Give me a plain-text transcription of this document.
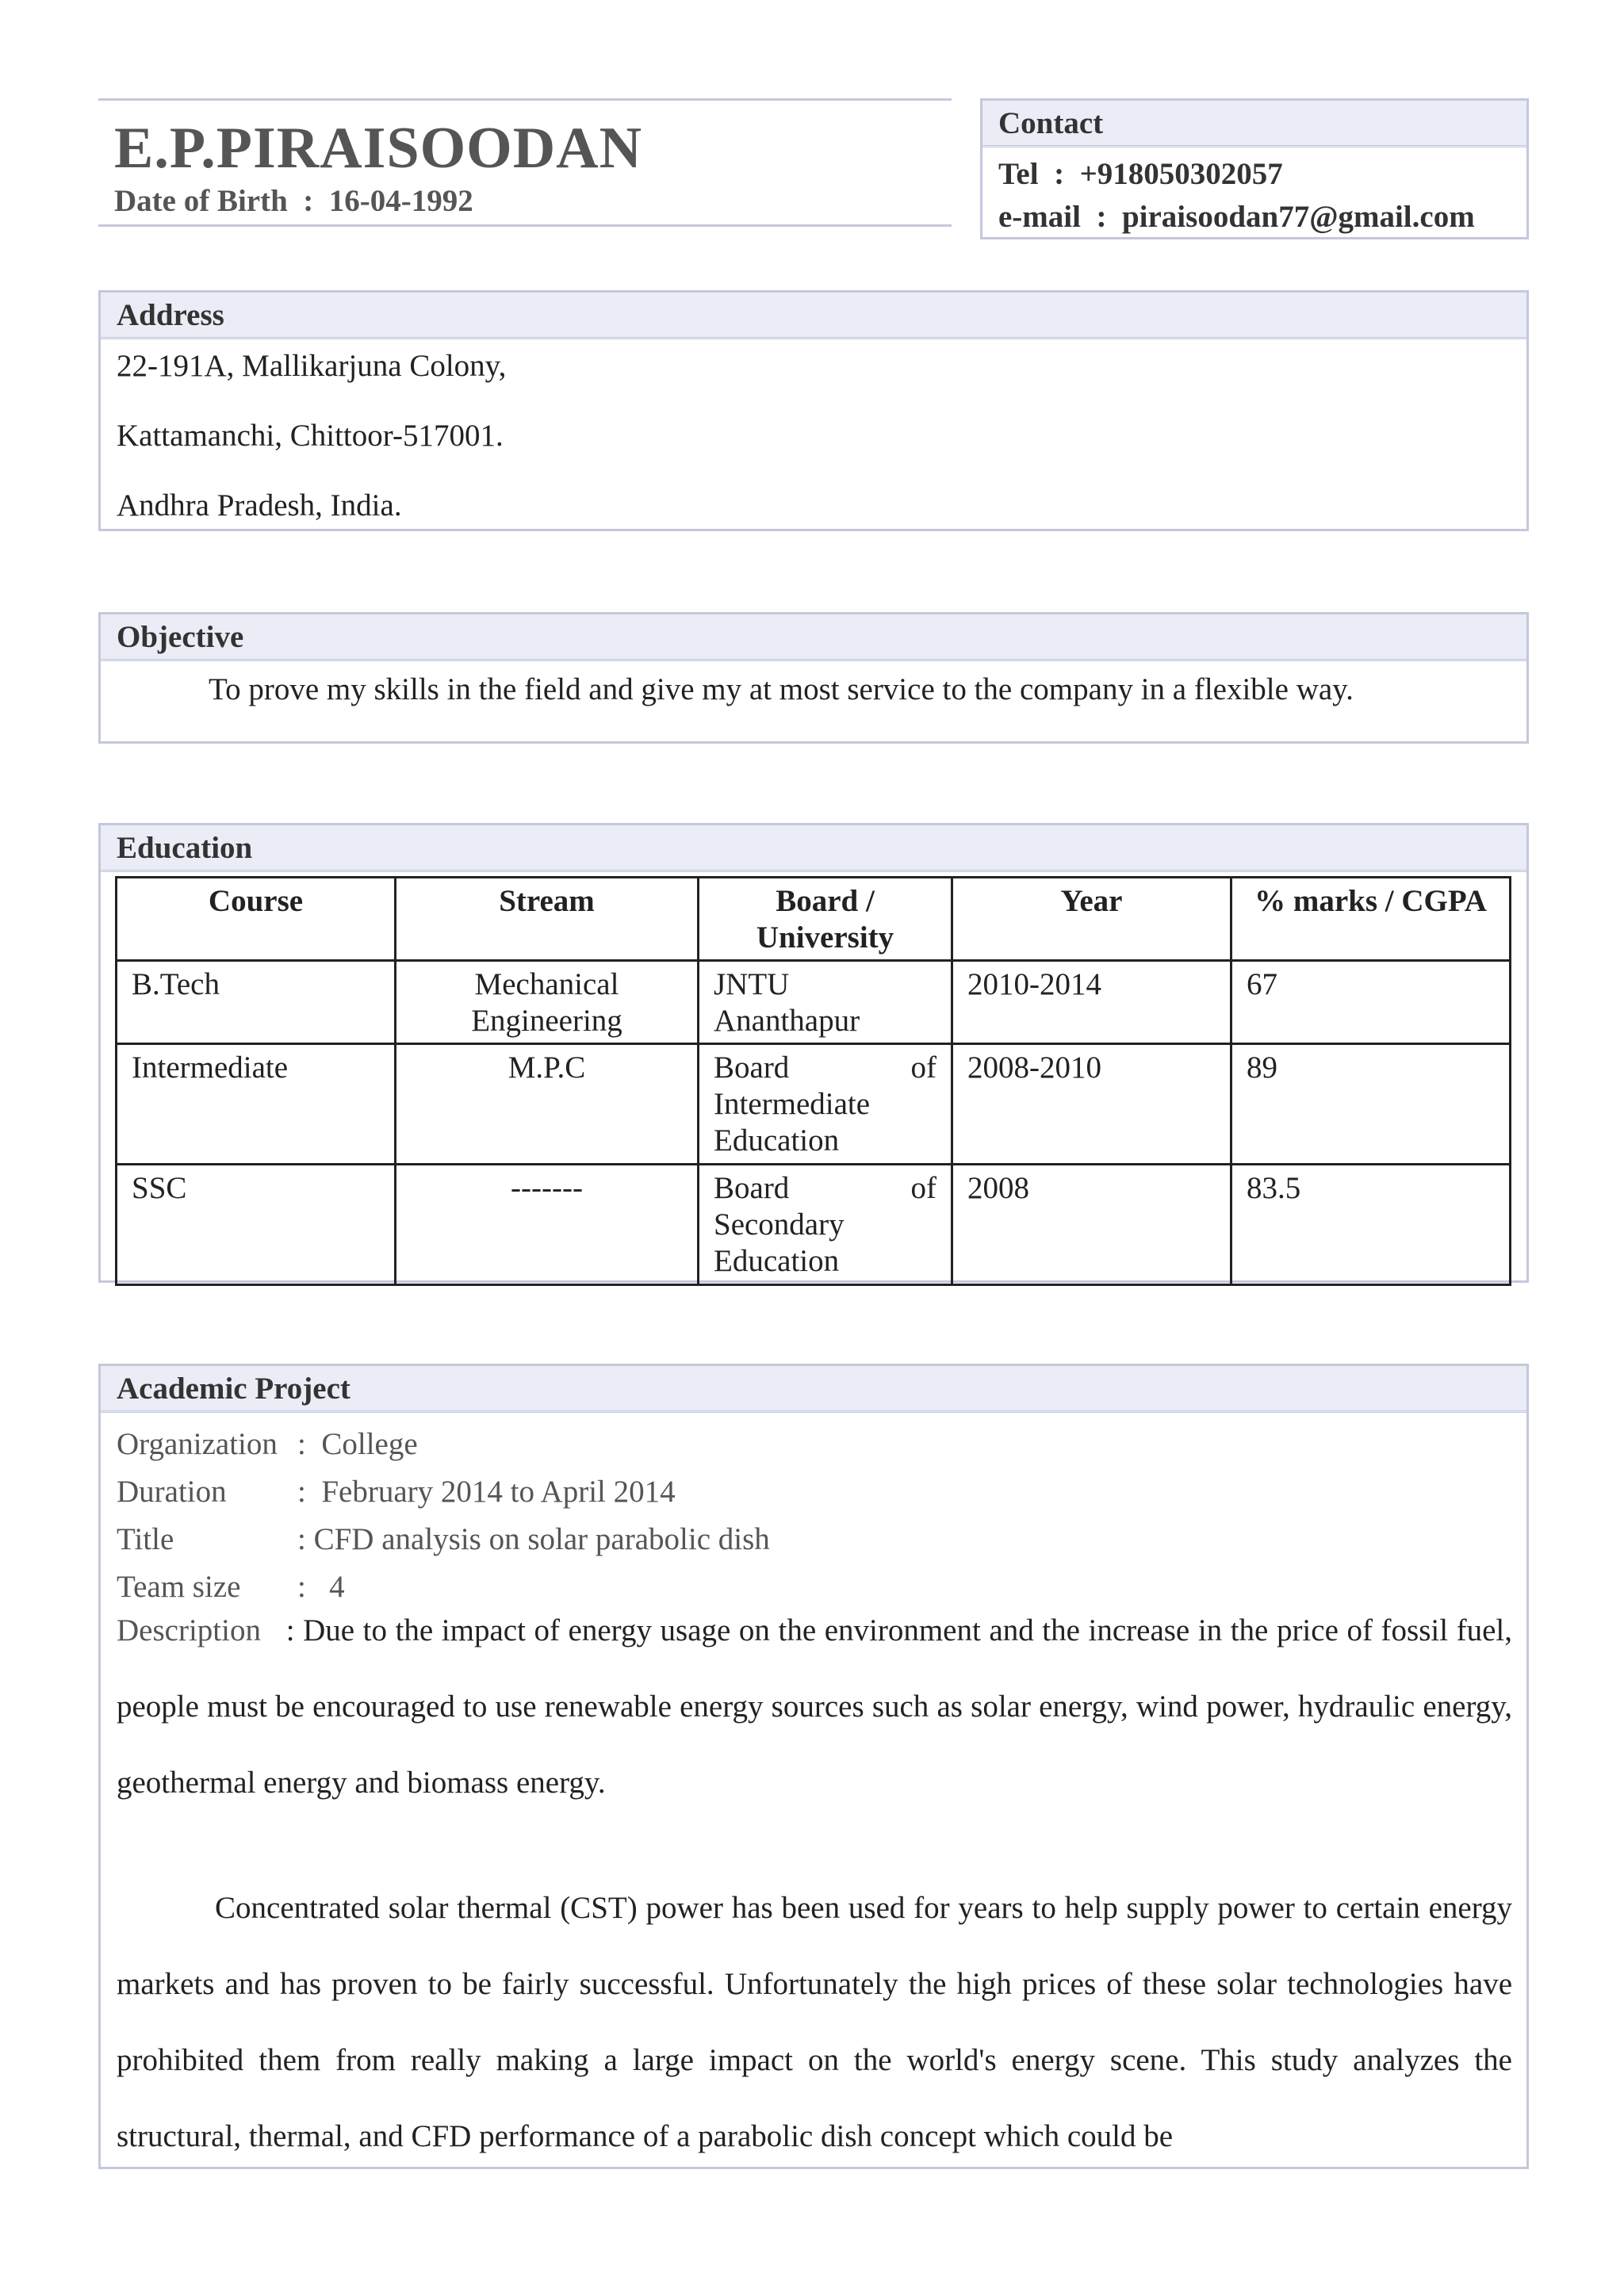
E.P.PIRAISOODAN
Date of Birth  :  16-04-1992
Contact
Tel  :  +918050302057
e-mail  :  piraisoodan77@gmail.com
Address
22-191A, Mallikarjuna Colony,
Kattamanchi, Chittoor-517001.
Andhra Pradesh, India.
Objective
To prove my skills in the field and give my at most service to the company in a flexible way.
Education
Course	Stream	Board / University	Year	% marks / CGPA
B.Tech	Mechanical Engineering	JNTU Ananthapur	2010-2014	67
Intermediate	M.P.C	Board of Intermediate Education	2008-2010	89
SSC	-------	Board of Secondary Education	2008	83.5
Academic Project
Organization :  College
Duration :  February 2014 to April 2014
Title	: CFD analysis on solar parabolic dish
Team size :   4
Description   : Due to the impact of energy usage on the environment and the increase in the price of fossil fuel, people must be encouraged to use renewable energy sources such as solar energy, wind power, hydraulic energy, geothermal energy and biomass energy.
Concentrated solar thermal (CST) power has been used for years to help supply power to certain energy markets and has proven to be fairly successful. Unfortunately the high prices of these solar technologies have prohibited them from really making a large impact on the world's energy scene. This study analyzes the structural, thermal, and CFD performance of a parabolic dish concept which could be
